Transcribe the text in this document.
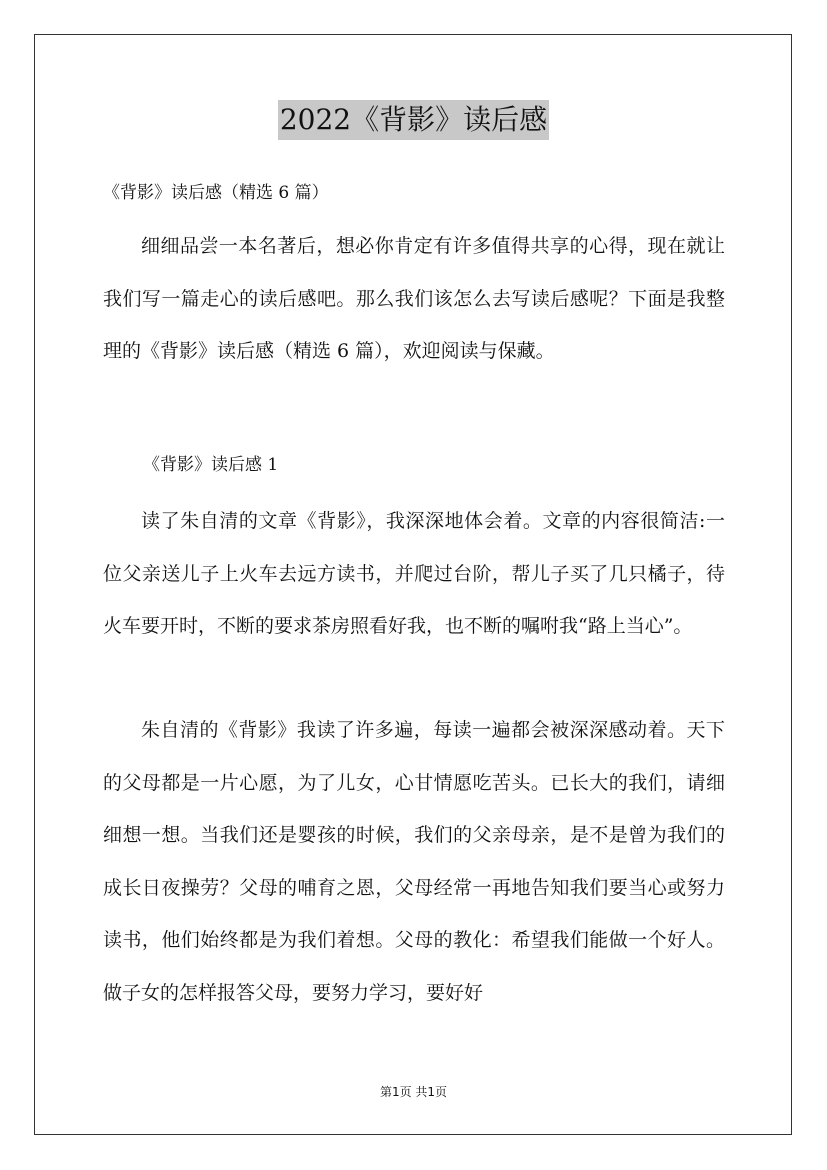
2022《背影》读后感

《背影》读后感（精选 6 篇）

细细品尝一本名著后，想必你肯定有许多值得共享的心得，现在就让我们写一篇走心的读后感吧。那么我们该怎么去写读后感呢？下面是我整理的《背影》读后感（精选 6 篇），欢迎阅读与保藏。

《背影》读后感 1

读了朱自清的文章《背影》，我深深地体会着。文章的内容很简洁:一位父亲送儿子上火车去远方读书，并爬过台阶，帮儿子买了几只橘子，待火车要开时，不断的要求茶房照看好我，也不断的嘱咐我“路上当心”。

朱自清的《背影》我读了许多遍，每读一遍都会被深深感动着。天下的父母都是一片心愿，为了儿女，心甘情愿吃苦头。已长大的我们，请细细想一想。当我们还是婴孩的时候，我们的父亲母亲，是不是曾为我们的成长日夜操劳？父母的哺育之恩，父母经常一再地告知我们要当心或努力读书，他们始终都是为我们着想。父母的教化：希望我们能做一个好人。做子女的怎样报答父母，要努力学习，要好好

第1页 共1页
